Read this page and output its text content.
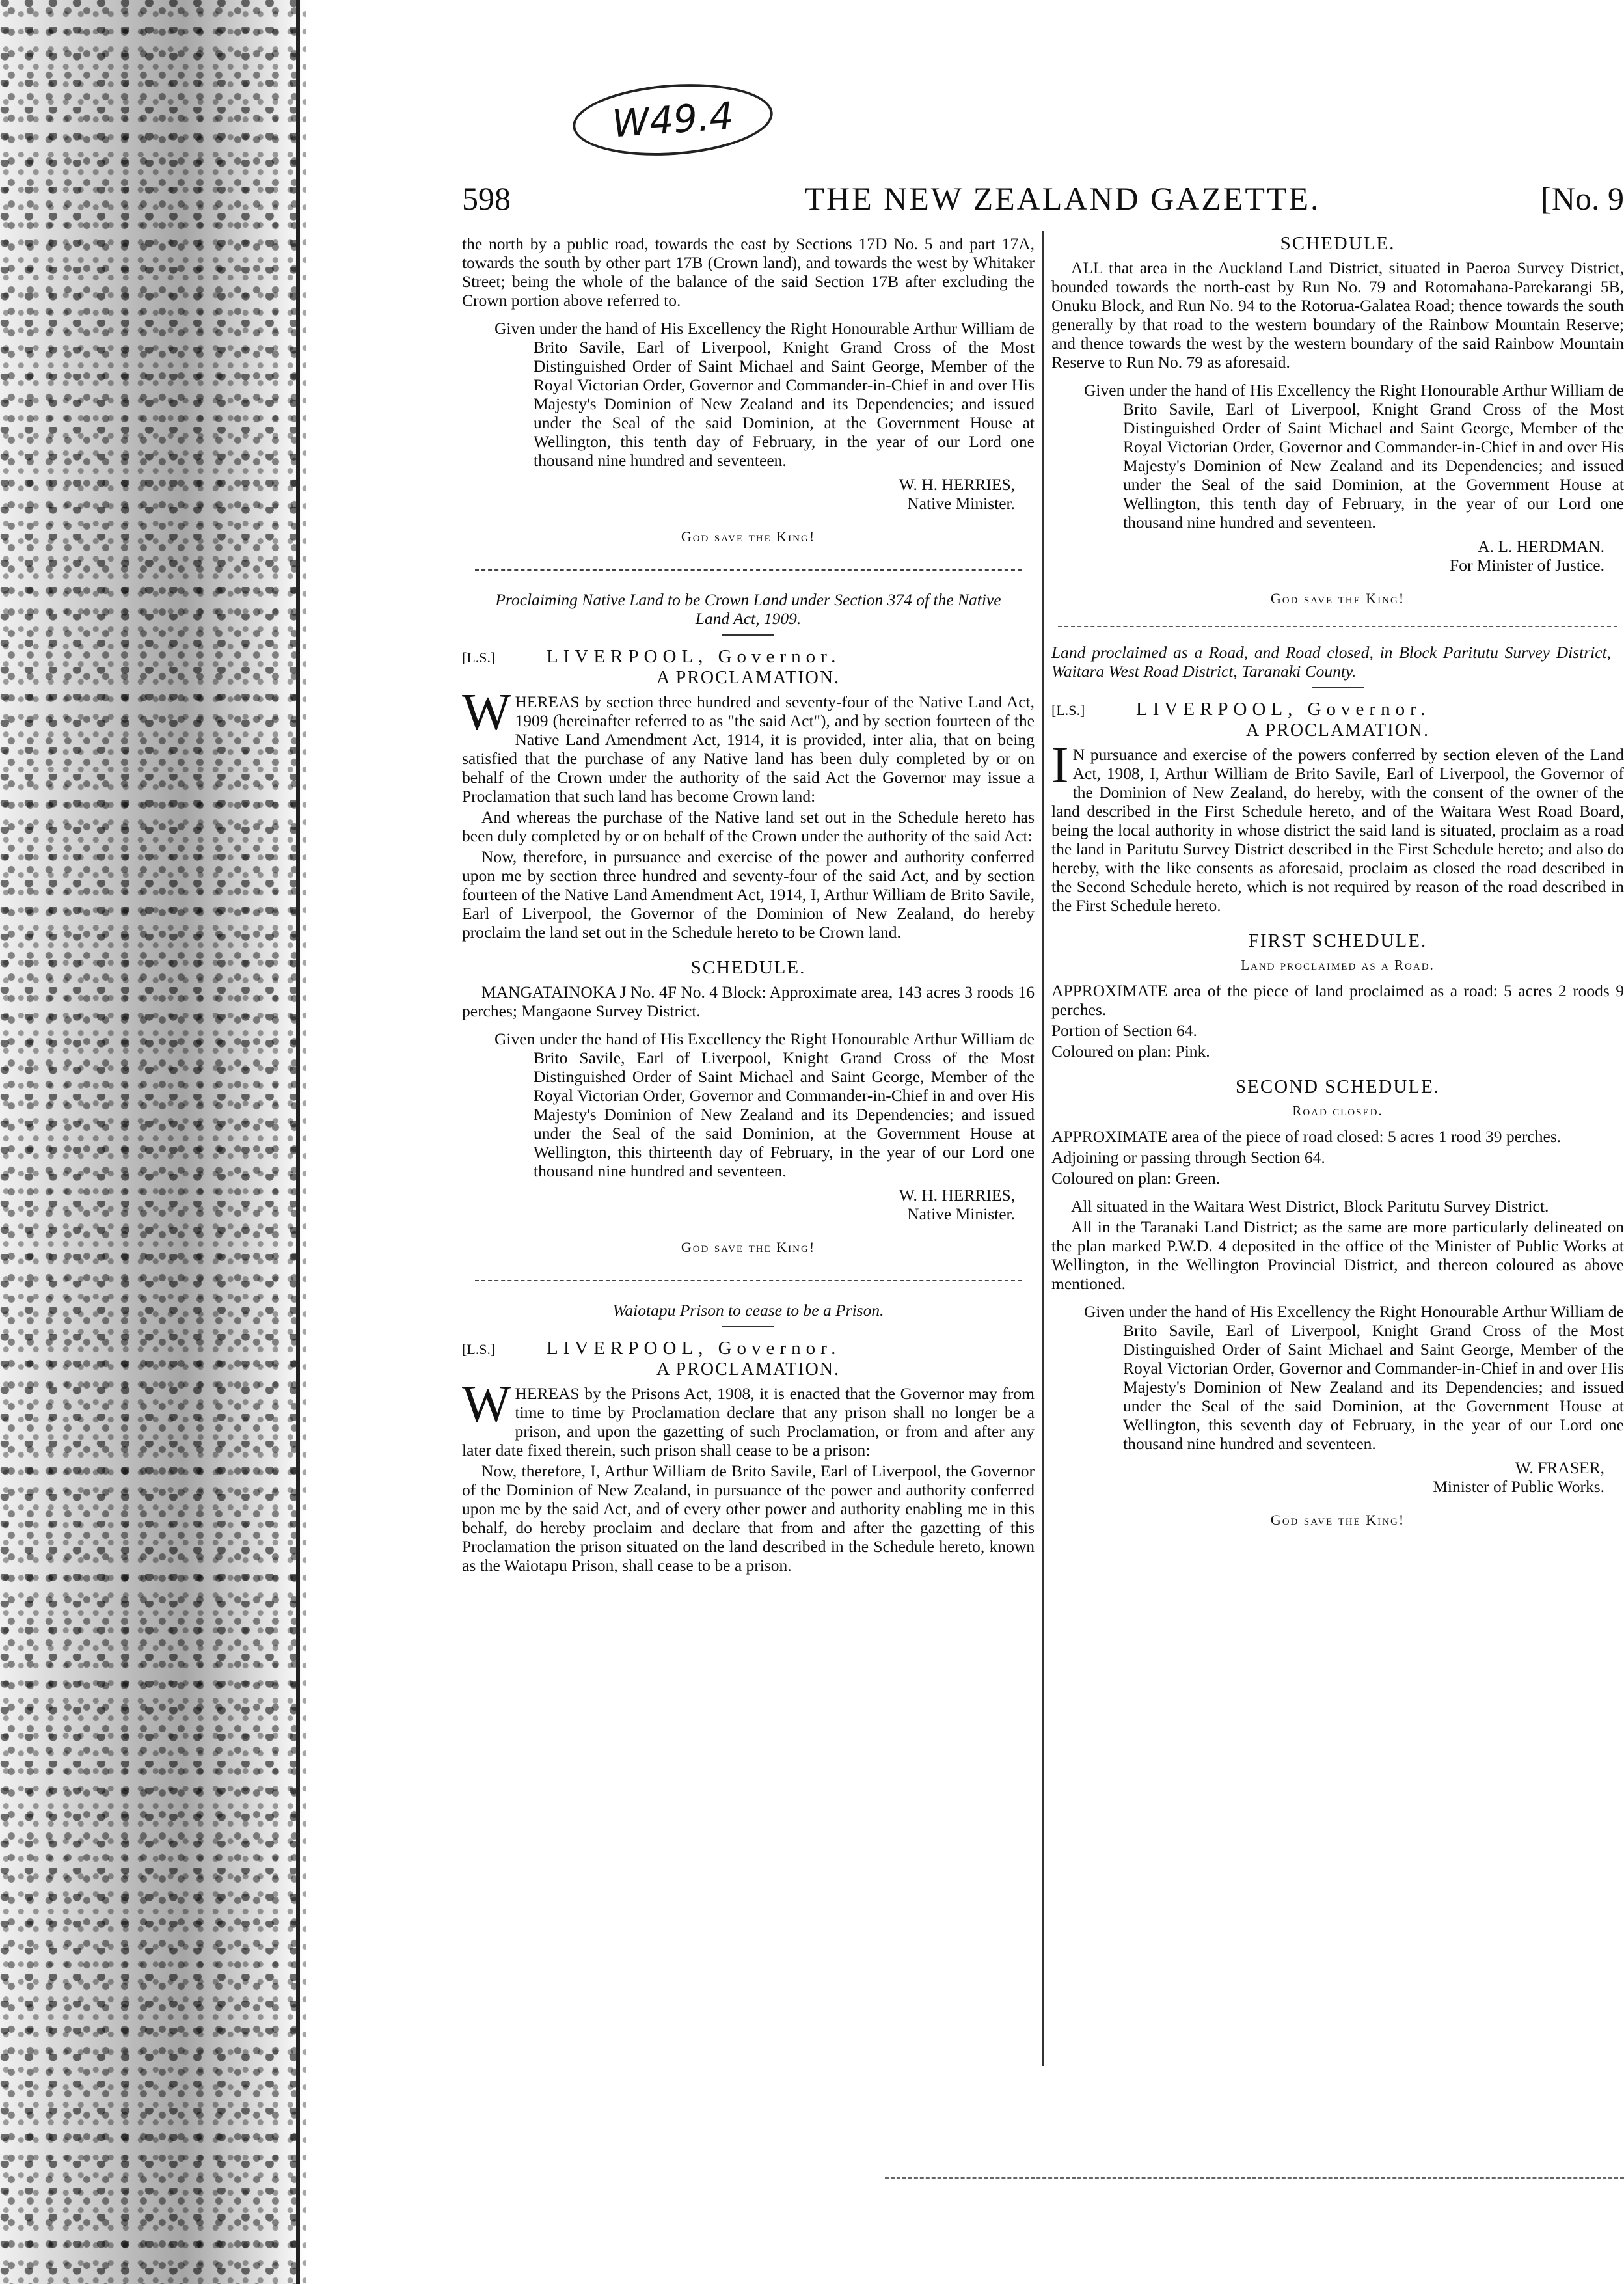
W49.4
598	THE NEW ZEALAND GAZETTE.	[No. 9

the north by a public road, towards the east by Sections 17D No. 5 and part 17A, towards the south by other part 17B (Crown land), and towards the west by Whitaker Street; being the whole of the balance of the said Section 17B after excluding the Crown portion above referred to.

Given under the hand of His Excellency the Right Honourable Arthur William de Brito Savile, Earl of Liverpool, Knight Grand Cross of the Most Distinguished Order of Saint Michael and Saint George, Member of the Royal Victorian Order, Governor and Commander-in-Chief in and over His Majesty's Dominion of New Zealand and its Dependencies; and issued under the Seal of the said Dominion, at the Government House at Wellington, this tenth day of February, in the year of our Lord one thousand nine hundred and seventeen.

W. H. HERRIES,
Native Minister.
God save the King!
Proclaiming Native Land to be Crown Land under Section 374 of the Native Land Act, 1909.
[L.S.]	LIVERPOOL, Governor.
A PROCLAMATION.

WHEREAS by section three hundred and seventy-four of the Native Land Act, 1909 (hereinafter referred to as "the said Act"), and by section fourteen of the Native Land Amendment Act, 1914, it is provided, inter alia, that on being satisfied that the purchase of any Native land has been duly completed by or on behalf of the Crown under the authority of the said Act the Governor may issue a Proclamation that such land has become Crown land:

And whereas the purchase of the Native land set out in the Schedule hereto has been duly completed by or on behalf of the Crown under the authority of the said Act:

Now, therefore, in pursuance and exercise of the power and authority conferred upon me by section three hundred and seventy-four of the said Act, and by section fourteen of the Native Land Amendment Act, 1914, I, Arthur William de Brito Savile, Earl of Liverpool, the Governor of the Dominion of New Zealand, do hereby proclaim the land set out in the Schedule hereto to be Crown land.

SCHEDULE.

MANGATAINOKA J No. 4F No. 4 Block: Approximate area, 143 acres 3 roods 16 perches; Mangaone Survey District.

Given under the hand of His Excellency the Right Honourable Arthur William de Brito Savile, Earl of Liverpool, Knight Grand Cross of the Most Distinguished Order of Saint Michael and Saint George, Member of the Royal Victorian Order, Governor and Commander-in-Chief in and over His Majesty's Dominion of New Zealand and its Dependencies; and issued under the Seal of the said Dominion, at the Government House at Wellington, this thirteenth day of February, in the year of our Lord one thousand nine hundred and seventeen.

W. H. HERRIES,
Native Minister.
God save the King!
Waiotapu Prison to cease to be a Prison.
[L.S.]	LIVERPOOL, Governor.
A PROCLAMATION.

WHEREAS by the Prisons Act, 1908, it is enacted that the Governor may from time to time by Proclamation declare that any prison shall no longer be a prison, and upon the gazetting of such Proclamation, or from and after any later date fixed therein, such prison shall cease to be a prison:

Now, therefore, I, Arthur William de Brito Savile, Earl of Liverpool, the Governor of the Dominion of New Zealand, in pursuance of the power and authority conferred upon me by the said Act, and of every other power and authority enabling me in this behalf, do hereby proclaim and declare that from and after the gazetting of this Proclamation the prison situated on the land described in the Schedule hereto, known as the Waiotapu Prison, shall cease to be a prison.

SCHEDULE.

ALL that area in the Auckland Land District, situated in Paeroa Survey District, bounded towards the north-east by Run No. 79 and Rotomahana-Parekarangi 5B, Onuku Block, and Run No. 94 to the Rotorua-Galatea Road; thence towards the south generally by that road to the western boundary of the Rainbow Mountain Reserve; and thence towards the west by the western boundary of the said Rainbow Mountain Reserve to Run No. 79 as aforesaid.

Given under the hand of His Excellency the Right Honourable Arthur William de Brito Savile, Earl of Liverpool, Knight Grand Cross of the Most Distinguished Order of Saint Michael and Saint George, Member of the Royal Victorian Order, Governor and Commander-in-Chief in and over His Majesty's Dominion of New Zealand and its Dependencies; and issued under the Seal of the said Dominion, at the Government House at Wellington, this tenth day of February, in the year of our Lord one thousand nine hundred and seventeen.

A. L. HERDMAN.
For Minister of Justice.
God save the King!

Land proclaimed as a Road, and Road closed, in Block Paritutu Survey District, Waitara West Road District, Taranaki County.

[L.S.]	LIVERPOOL, Governor.
A PROCLAMATION.

IN pursuance and exercise of the powers conferred by section eleven of the Land Act, 1908, I, Arthur William de Brito Savile, Earl of Liverpool, the Governor of the Dominion of New Zealand, do hereby, with the consent of the owner of the land described in the First Schedule hereto, and of the Waitara West Road Board, being the local authority in whose district the said land is situated, proclaim as a road the land in Paritutu Survey District described in the First Schedule hereto; and also do hereby, with the like consents as aforesaid, proclaim as closed the road described in the Second Schedule hereto, which is not required by reason of the road described in the First Schedule hereto.

FIRST SCHEDULE.
Land proclaimed as a Road.

APPROXIMATE area of the piece of land proclaimed as a road: 5 acres 2 roods 9 perches.

Portion of Section 64.

Coloured on plan: Pink.

SECOND SCHEDULE.
Road closed.

APPROXIMATE area of the piece of road closed: 5 acres 1 rood 39 perches.

Adjoining or passing through Section 64.

Coloured on plan: Green.

All situated in the Waitara West District, Block Paritutu Survey District.

All in the Taranaki Land District; as the same are more particularly delineated on the plan marked P.W.D. 4 deposited in the office of the Minister of Public Works at Wellington, in the Wellington Provincial District, and thereon coloured as above mentioned.

Given under the hand of His Excellency the Right Honourable Arthur William de Brito Savile, Earl of Liverpool, Knight Grand Cross of the Most Distinguished Order of Saint Michael and Saint George, Member of the Royal Victorian Order, Governor and Commander-in-Chief in and over His Majesty's Dominion of New Zealand and its Dependencies; and issued under the Seal of the said Dominion, at the Government House at Wellington, this seventh day of February, in the year of our Lord one thousand nine hundred and seventeen.

W. FRASER,
Minister of Public Works.
God save the King!
